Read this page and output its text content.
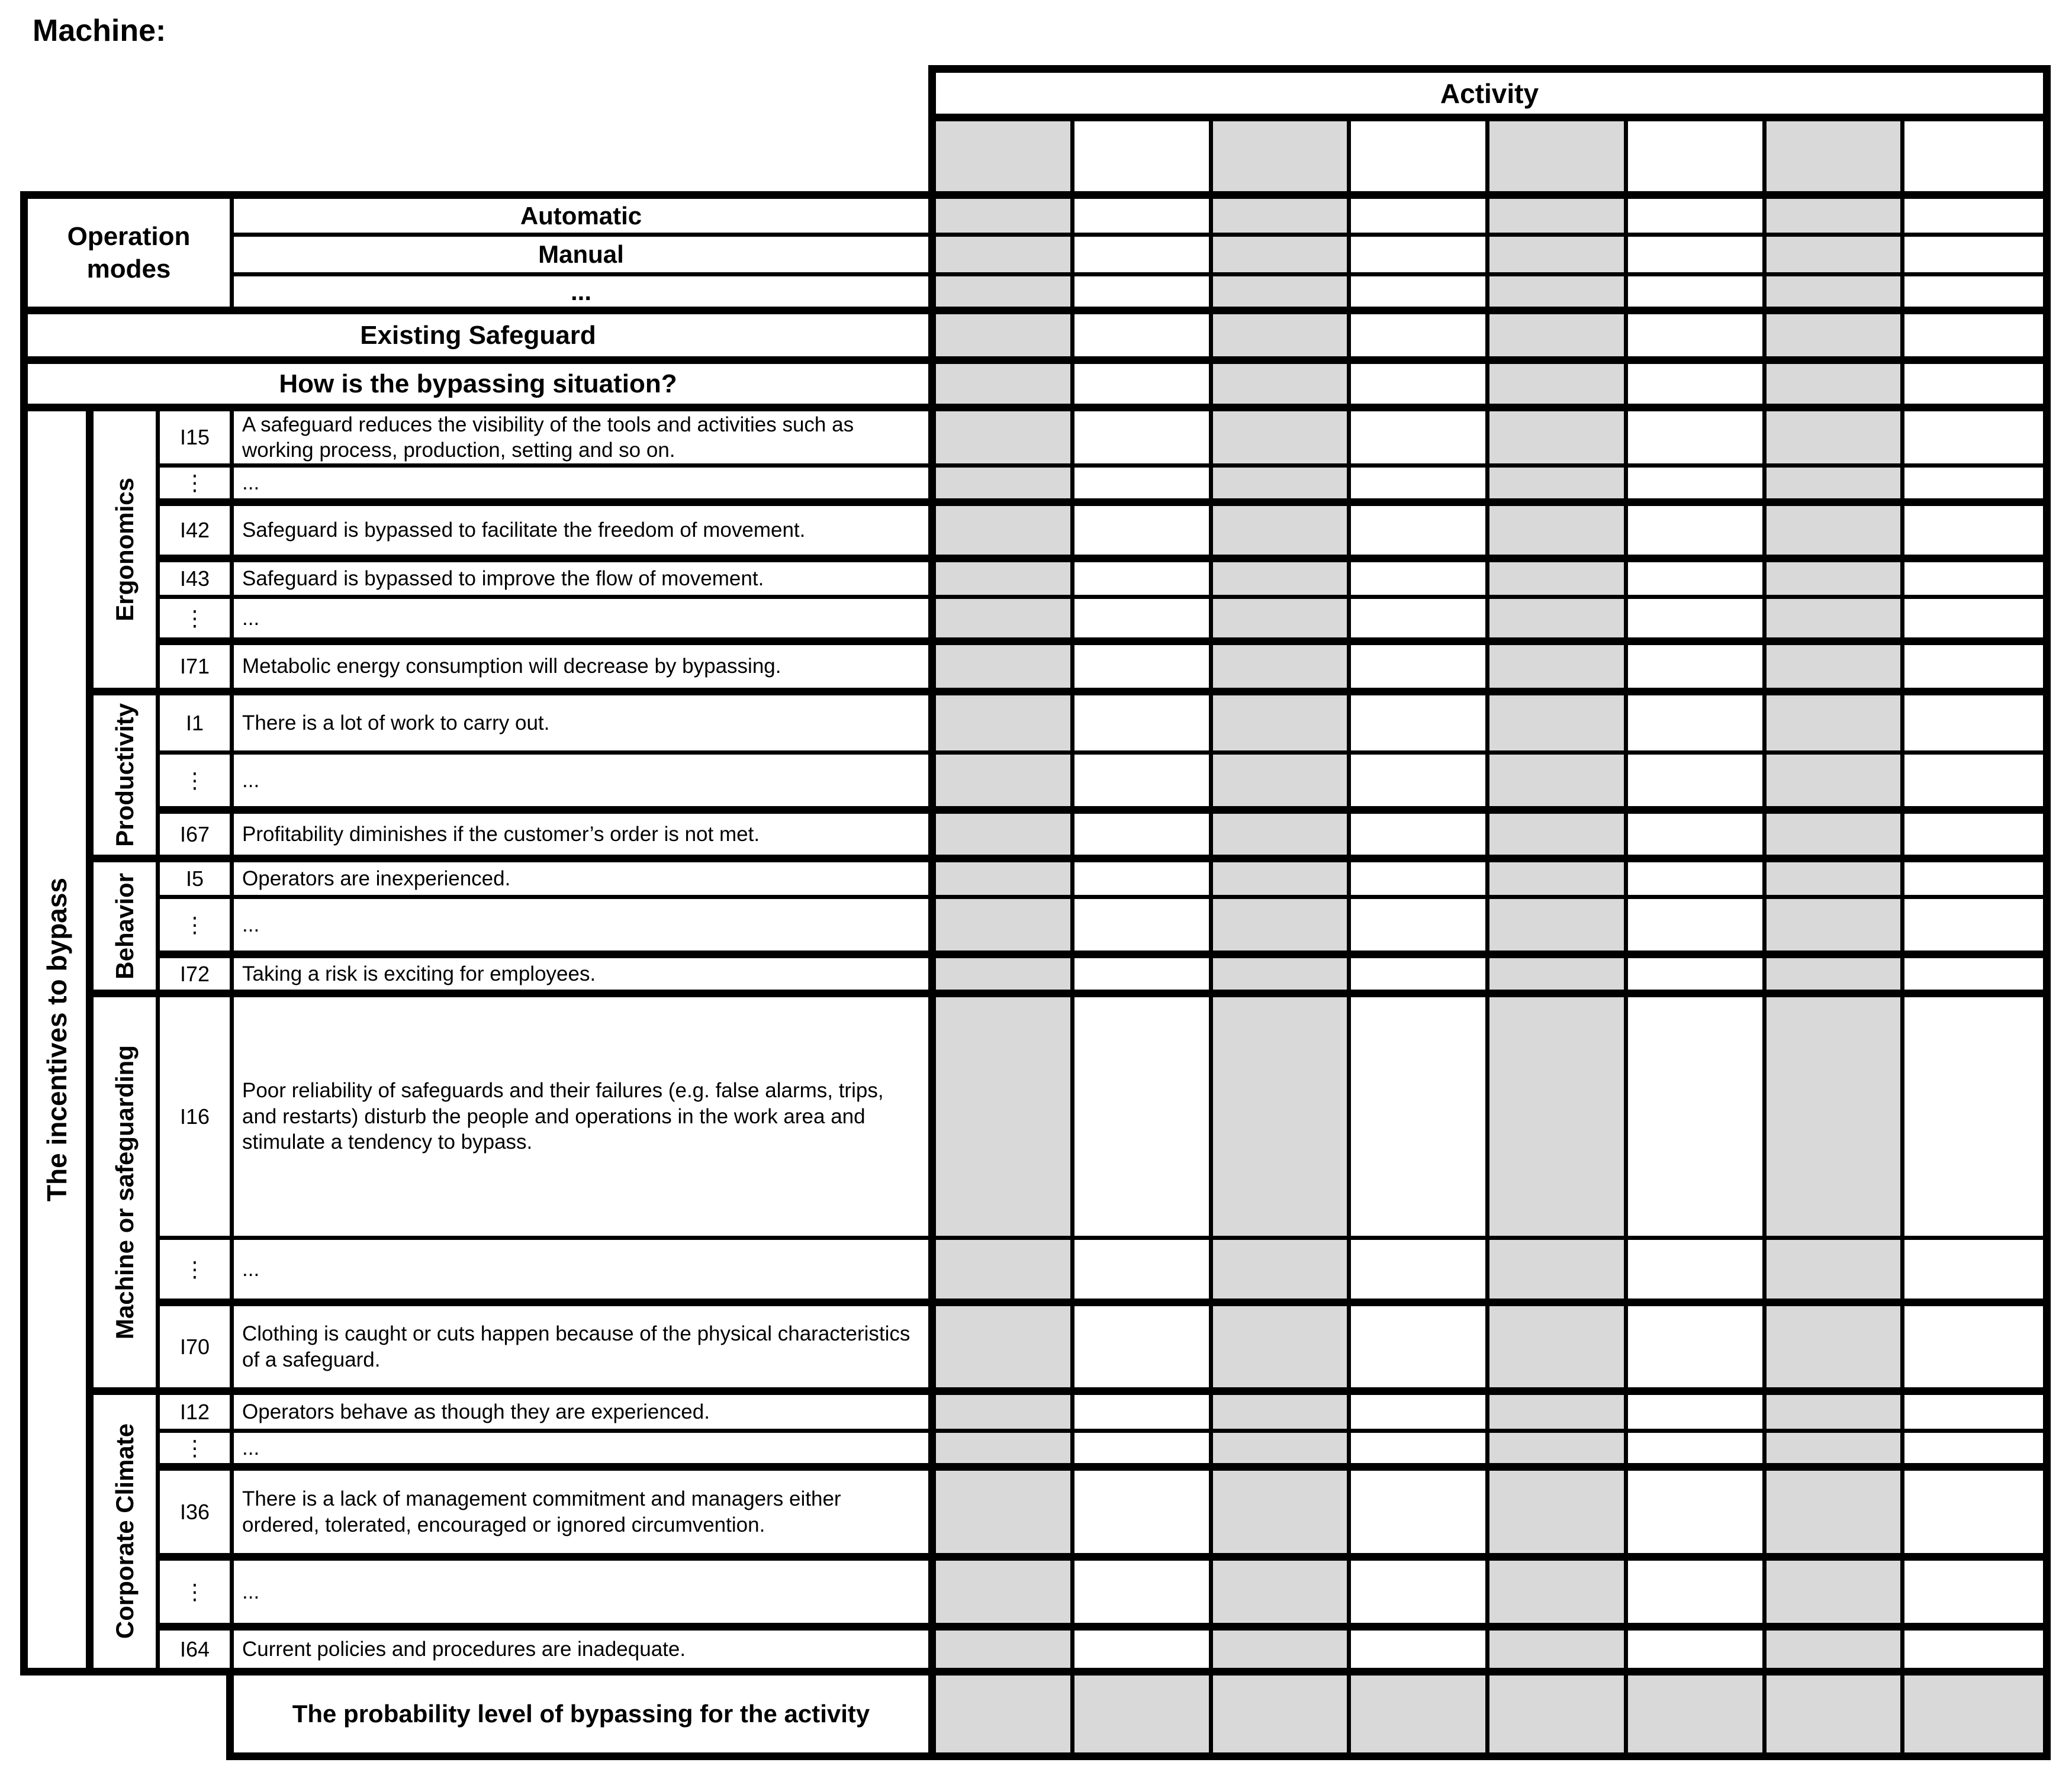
Machine:
Activity
Operation modes
Automatic
Manual
...
Existing Safeguard
How is the bypassing situation?
The incentives to bypass
Ergonomics
Productivity
Behavior
Machine or safeguarding
Corporate Climate
I15
⋮
I42
I43
⋮
I71
I1
⋮
I67
I5
⋮
I72
I16
⋮
I70
I12
⋮
I36
⋮
I64
A safeguard reduces the visibility of the tools and activities such as working process, production, setting and so on.
...
Safeguard is bypassed to facilitate the freedom of movement.
Safeguard is bypassed to improve the flow of movement.
...
Metabolic energy consumption will decrease by bypassing.
There is a lot of work to carry out.
...
Profitability diminishes if the customer’s order is not met.
Operators are inexperienced.
...
Taking a risk is exciting for employees.
Poor reliability of safeguards and their failures (e.g. false alarms, trips, and restarts) disturb the people and operations in the work area and stimulate a tendency to bypass.
...
Clothing is caught or cuts happen because of the physical characteristics of a safeguard.
Operators behave as though they are experienced.
...
There is a lack of management commitment and managers either ordered, tolerated, encouraged or ignored circumvention.
...
Current policies and procedures are inadequate.
The probability level of bypassing for the activity
